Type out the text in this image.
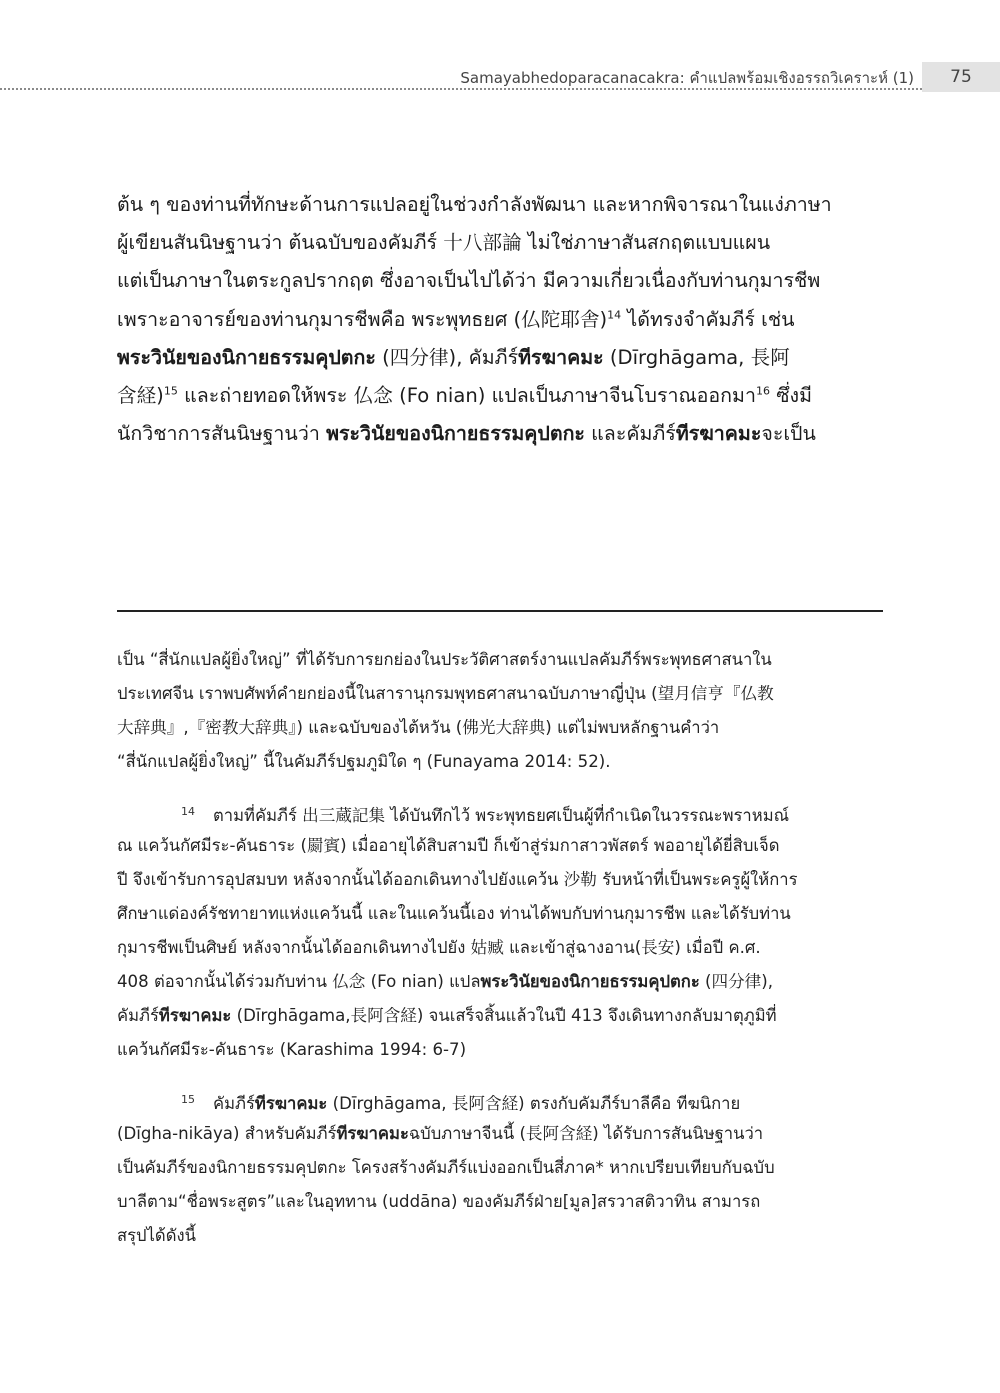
Samayabhedoparacanacakra: คำแปลพร้อมเชิงอรรถวิเคราะห์ (1)	75
ต้น ๆ ของท่านที่ทักษะด้านการแปลอยู่ในช่วงกำลังพัฒนา และหากพิจารณาในแง่ภาษา
ผู้เขียนสันนิษฐานว่า ต้นฉบับของคัมภีร์ 十八部論 ไม่ใช่ภาษาสันสกฤตแบบแผน
แต่เป็นภาษาในตระกูลปรากฤต ซึ่งอาจเป็นไปได้ว่า มีความเกี่ยวเนื่องกับท่านกุมารชีพ
เพราะอาจารย์ของท่านกุมารชีพคือ พระพุทธยศ (仏陀耶舎)$^{14}$ ได้ทรงจำคัมภีร์ เช่น
พระวินัยของนิกายธรรมคุปตกะ (四分律), คัมภีร์ทีรฆาคมะ (Dīrghāgama, 長阿
含経)$^{15}$ และถ่ายทอดให้พระ 仏念 (Fo nian) แปลเป็นภาษาจีนโบราณออกมา$^{16}$ ซึ่งมี
นักวิชาการสันนิษฐานว่า พระวินัยของนิกายธรรมคุปตกะ และคัมภีร์ทีรฆาคมะจะเป็น
เป็น “สี่นักแปลผู้ยิ่งใหญ่” ที่ได้รับการยกย่องในประวัติศาสตร์งานแปลคัมภีร์พระพุทธศาสนาใน
ประเทศจีน เราพบศัพท์คำยกย่องนี้ในสารานุกรมพุทธศาสนาฉบับภาษาญี่ปุ่น (望月信亨『仏教
大辞典』,『密教大辞典』) และฉบับของไต้หวัน (佛光大辞典) แต่ไม่พบหลักฐานคำว่า
“สี่นักแปลผู้ยิ่งใหญ่” นี้ในคัมภีร์ปฐมภูมิใด ๆ (Funayama 2014: 52).
14 ตามที่คัมภีร์ 出三蔵記集 ได้บันทึกไว้ พระพุทธยศเป็นผู้ที่กำเนิดในวรรณะพราหมณ์
ณ แคว้นกัศมีระ-คันธาระ (罽賓) เมื่ออายุได้สิบสามปี ก็เข้าสู่ร่มกาสาวพัสตร์ พออายุได้ยี่สิบเจ็ด
ปี จึงเข้ารับการอุปสมบท หลังจากนั้นได้ออกเดินทางไปยังแคว้น 沙勒 รับหน้าที่เป็นพระครูผู้ให้การ
ศึกษาแด่องค์รัชทายาทแห่งแคว้นนี้ และในแคว้นนี้เอง ท่านได้พบกับท่านกุมารชีพ และได้รับท่าน
กุมารชีพเป็นศิษย์ หลังจากนั้นได้ออกเดินทางไปยัง 姑臧 และเข้าสู่ฉางอาน(長安) เมื่อปี ค.ศ.
408 ต่อจากนั้นได้ร่วมกับท่าน 仏念 (Fo nian) แปลพระวินัยของนิกายธรรมคุปตกะ (四分律),
คัมภีร์ทีรฆาคมะ (Dīrghāgama,長阿含経) จนเสร็จสิ้นแล้วในปี 413 จึงเดินทางกลับมาตุภูมิที่
แคว้นกัศมีระ-คันธาระ (Karashima 1994: 6-7)
15 คัมภีร์ทีรฆาคมะ (Dīrghāgama, 長阿含経) ตรงกับคัมภีร์บาลีคือ ทีฆนิกาย
(Dīgha-nikāya) สำหรับคัมภีร์ทีรฆาคมะฉบับภาษาจีนนี้ (長阿含経) ได้รับการสันนิษฐานว่า
เป็นคัมภีร์ของนิกายธรรมคุปตกะ โครงสร้างคัมภีร์แบ่งออกเป็นสี่ภาค* หากเปรียบเทียบกับฉบับ
บาลีตาม“ชื่อพระสูตร”และในอุททาน (uddāna) ของคัมภีร์ฝ่าย[มูล]สรวาสติวาทิน สามารถ
สรุปได้ดังนี้
